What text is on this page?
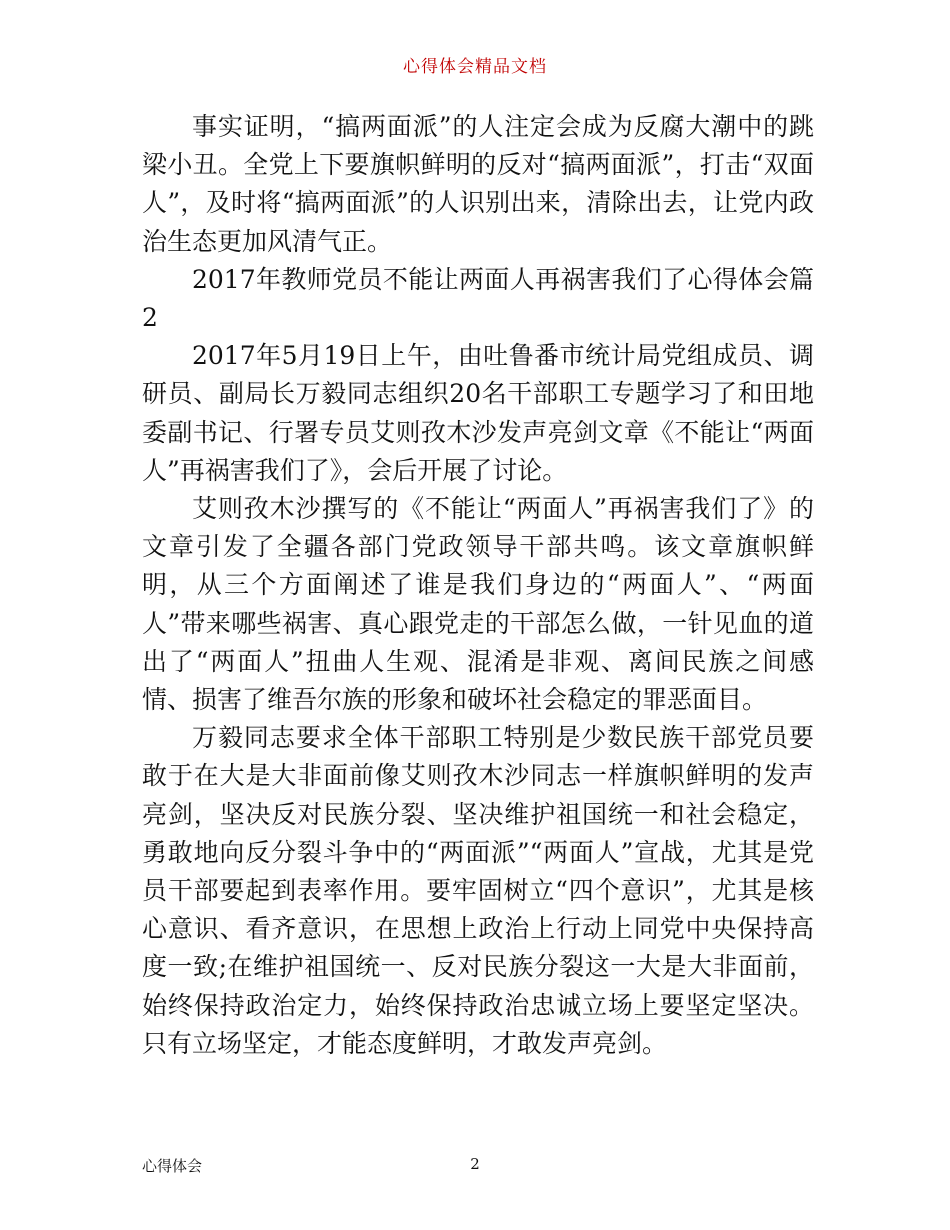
心得体会精品文档

事实证明，“搞两面派”的人注定会成为反腐大潮中的跳梁小丑。全党上下要旗帜鲜明的反对“搞两面派”，打击“双面人”，及时将“搞两面派”的人识别出来，清除出去，让党内政治生态更加风清气正。

2017年教师党员不能让两面人再祸害我们了心得体会篇2

2017年5月19日上午，由吐鲁番市统计局党组成员、调研员、副局长万毅同志组织20名干部职工专题学习了和田地委副书记、行署专员艾则孜木沙发声亮剑文章《不能让“两面人”再祸害我们了》，会后开展了讨论。

艾则孜木沙撰写的《不能让“两面人”再祸害我们了》的文章引发了全疆各部门党政领导干部共鸣。该文章旗帜鲜明，从三个方面阐述了谁是我们身边的“两面人”、“两面人”带来哪些祸害、真心跟党走的干部怎么做，一针见血的道出了“两面人”扭曲人生观、混淆是非观、离间民族之间感情、损害了维吾尔族的形象和破坏社会稳定的罪恶面目。

万毅同志要求全体干部职工特别是少数民族干部党员要敢于在大是大非面前像艾则孜木沙同志一样旗帜鲜明的发声亮剑，坚决反对民族分裂、坚决维护祖国统一和社会稳定，勇敢地向反分裂斗争中的“两面派”“两面人”宣战，尤其是党员干部要起到表率作用。要牢固树立“四个意识”，尤其是核心意识、看齐意识，在思想上政治上行动上同党中央保持高度一致;在维护祖国统一、反对民族分裂这一大是大非面前，始终保持政治定力，始终保持政治忠诚立场上要坚定坚决。只有立场坚定，才能态度鲜明，才敢发声亮剑。

心得体会	2
